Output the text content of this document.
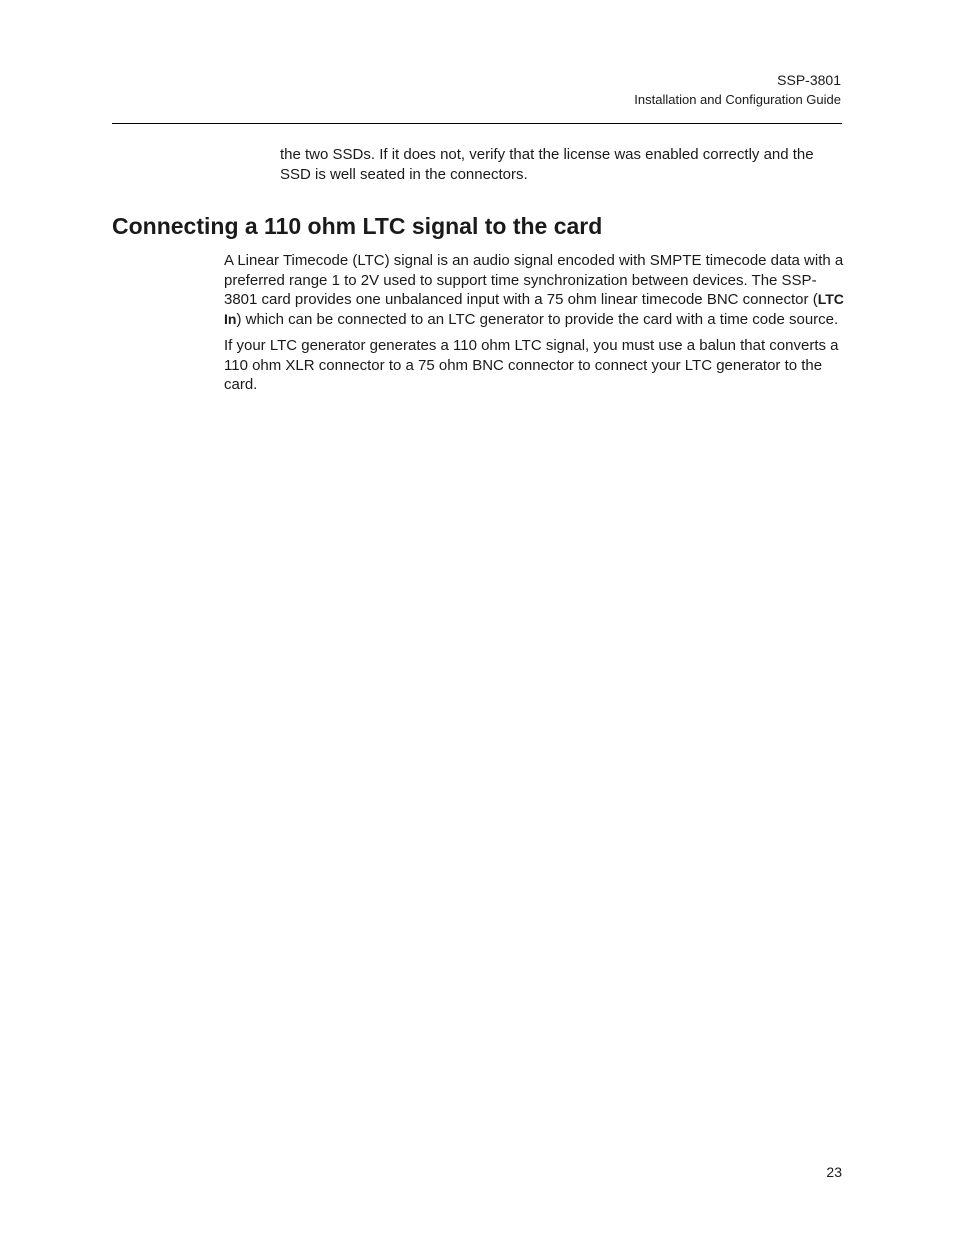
SSP-3801
Installation and Configuration Guide

the two SSDs. If it does not, verify that the license was enabled correctly and the SSD is well seated in the connectors.

Connecting a 110 ohm LTC signal to the card

A Linear Timecode (LTC) signal is an audio signal encoded with SMPTE timecode data with a preferred range 1 to 2V used to support time synchronization between devices. The SSP-3801 card provides one unbalanced input with a 75 ohm linear timecode BNC connector (LTC In) which can be connected to an LTC generator to provide the card with a time code source.

If your LTC generator generates a 110 ohm LTC signal, you must use a balun that converts a 110 ohm XLR connector to a 75 ohm BNC connector to connect your LTC generator to the card.

23
